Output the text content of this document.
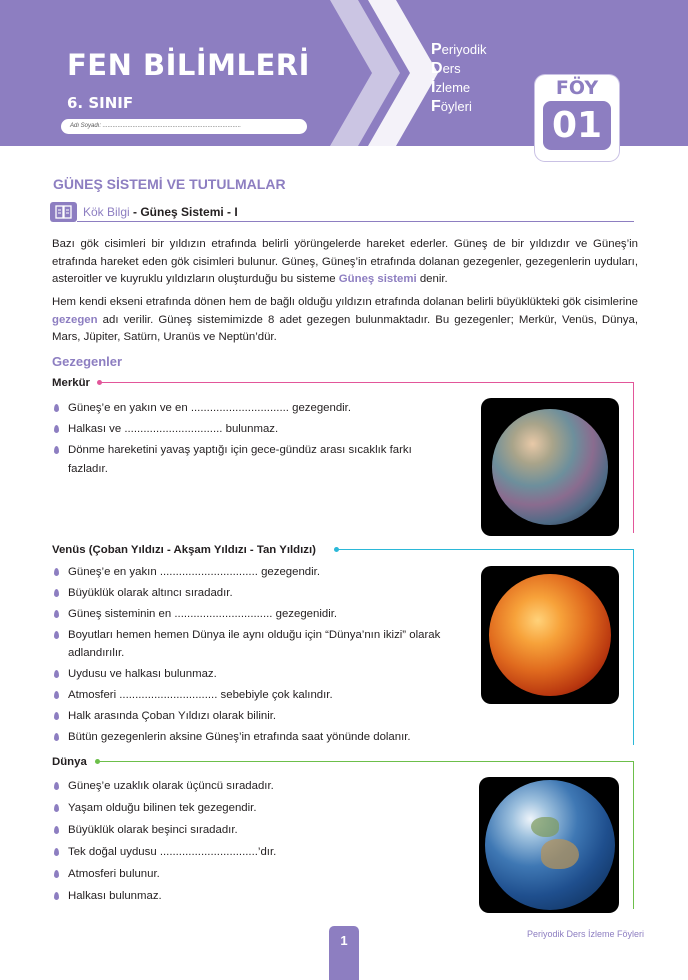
FEN BİLİMLERİ
6. SINIF
Adı Soyadı: ...................................................................................
Periyodik
Ders
İzleme
Föyleri
FÖY
01
GÜNEŞ SİSTEMİ VE TUTULMALAR
Kök Bilgi - Güneş Sistemi - I

Bazı gök cisimleri bir yıldızın etrafında belirli yörüngelerde hareket ederler. Güneş de bir yıldızdır ve Güneş’in etrafında hareket eden gök cisimleri bulunur. Güneş, Güneş’in etrafında dolanan gezegenler, gezegenlerin uyduları, asteroitler ve kuyruklu yıldızların oluşturduğu bu sisteme Güneş sistemi denir.

Hem kendi ekseni etrafında dönen hem de bağlı olduğu yıldızın etrafında dolanan belirli büyüklükteki gök cisimlerine gezegen adı verilir. Güneş sistemimizde 8 adet gezegen bulunmaktadır. Bu gezegenler; Merkür, Venüs, Dünya, Mars, Jüpiter, Satürn, Uranüs ve Neptün’dür.

Gezegenler
Merkür
Güneş’e en yakın ve en ............................... gezegendir.
Halkası ve ............................... bulunmaz.
Dönme hareketini yavaş yaptığı için gece-gündüz arası sıcaklık farkı fazladır.
Venüs (Çoban Yıldızı - Akşam Yıldızı - Tan Yıldızı)
Güneş’e en yakın ............................... gezegendir.
Büyüklük olarak altıncı sıradadır.
Güneş sisteminin en ............................... gezegenidir.
Boyutları hemen hemen Dünya ile aynı olduğu için “Dünya’nın ikizi” olarak adlandırılır.
Uydusu ve halkası bulunmaz.
Atmosferi ............................... sebebiyle çok kalındır.
Halk arasında Çoban Yıldızı olarak bilinir.
Bütün gezegenlerin aksine Güneş’in etrafında saat yönünde dolanır.
Dünya
Güneş’e uzaklık olarak üçüncü sıradadır.
Yaşam olduğu bilinen tek gezegendir.
Büyüklük olarak beşinci sıradadır.
Tek doğal uydusu ...............................’dır.
Atmosferi bulunur.
Halkası bulunmaz.
1	Periyodik Ders İzleme Föyleri
